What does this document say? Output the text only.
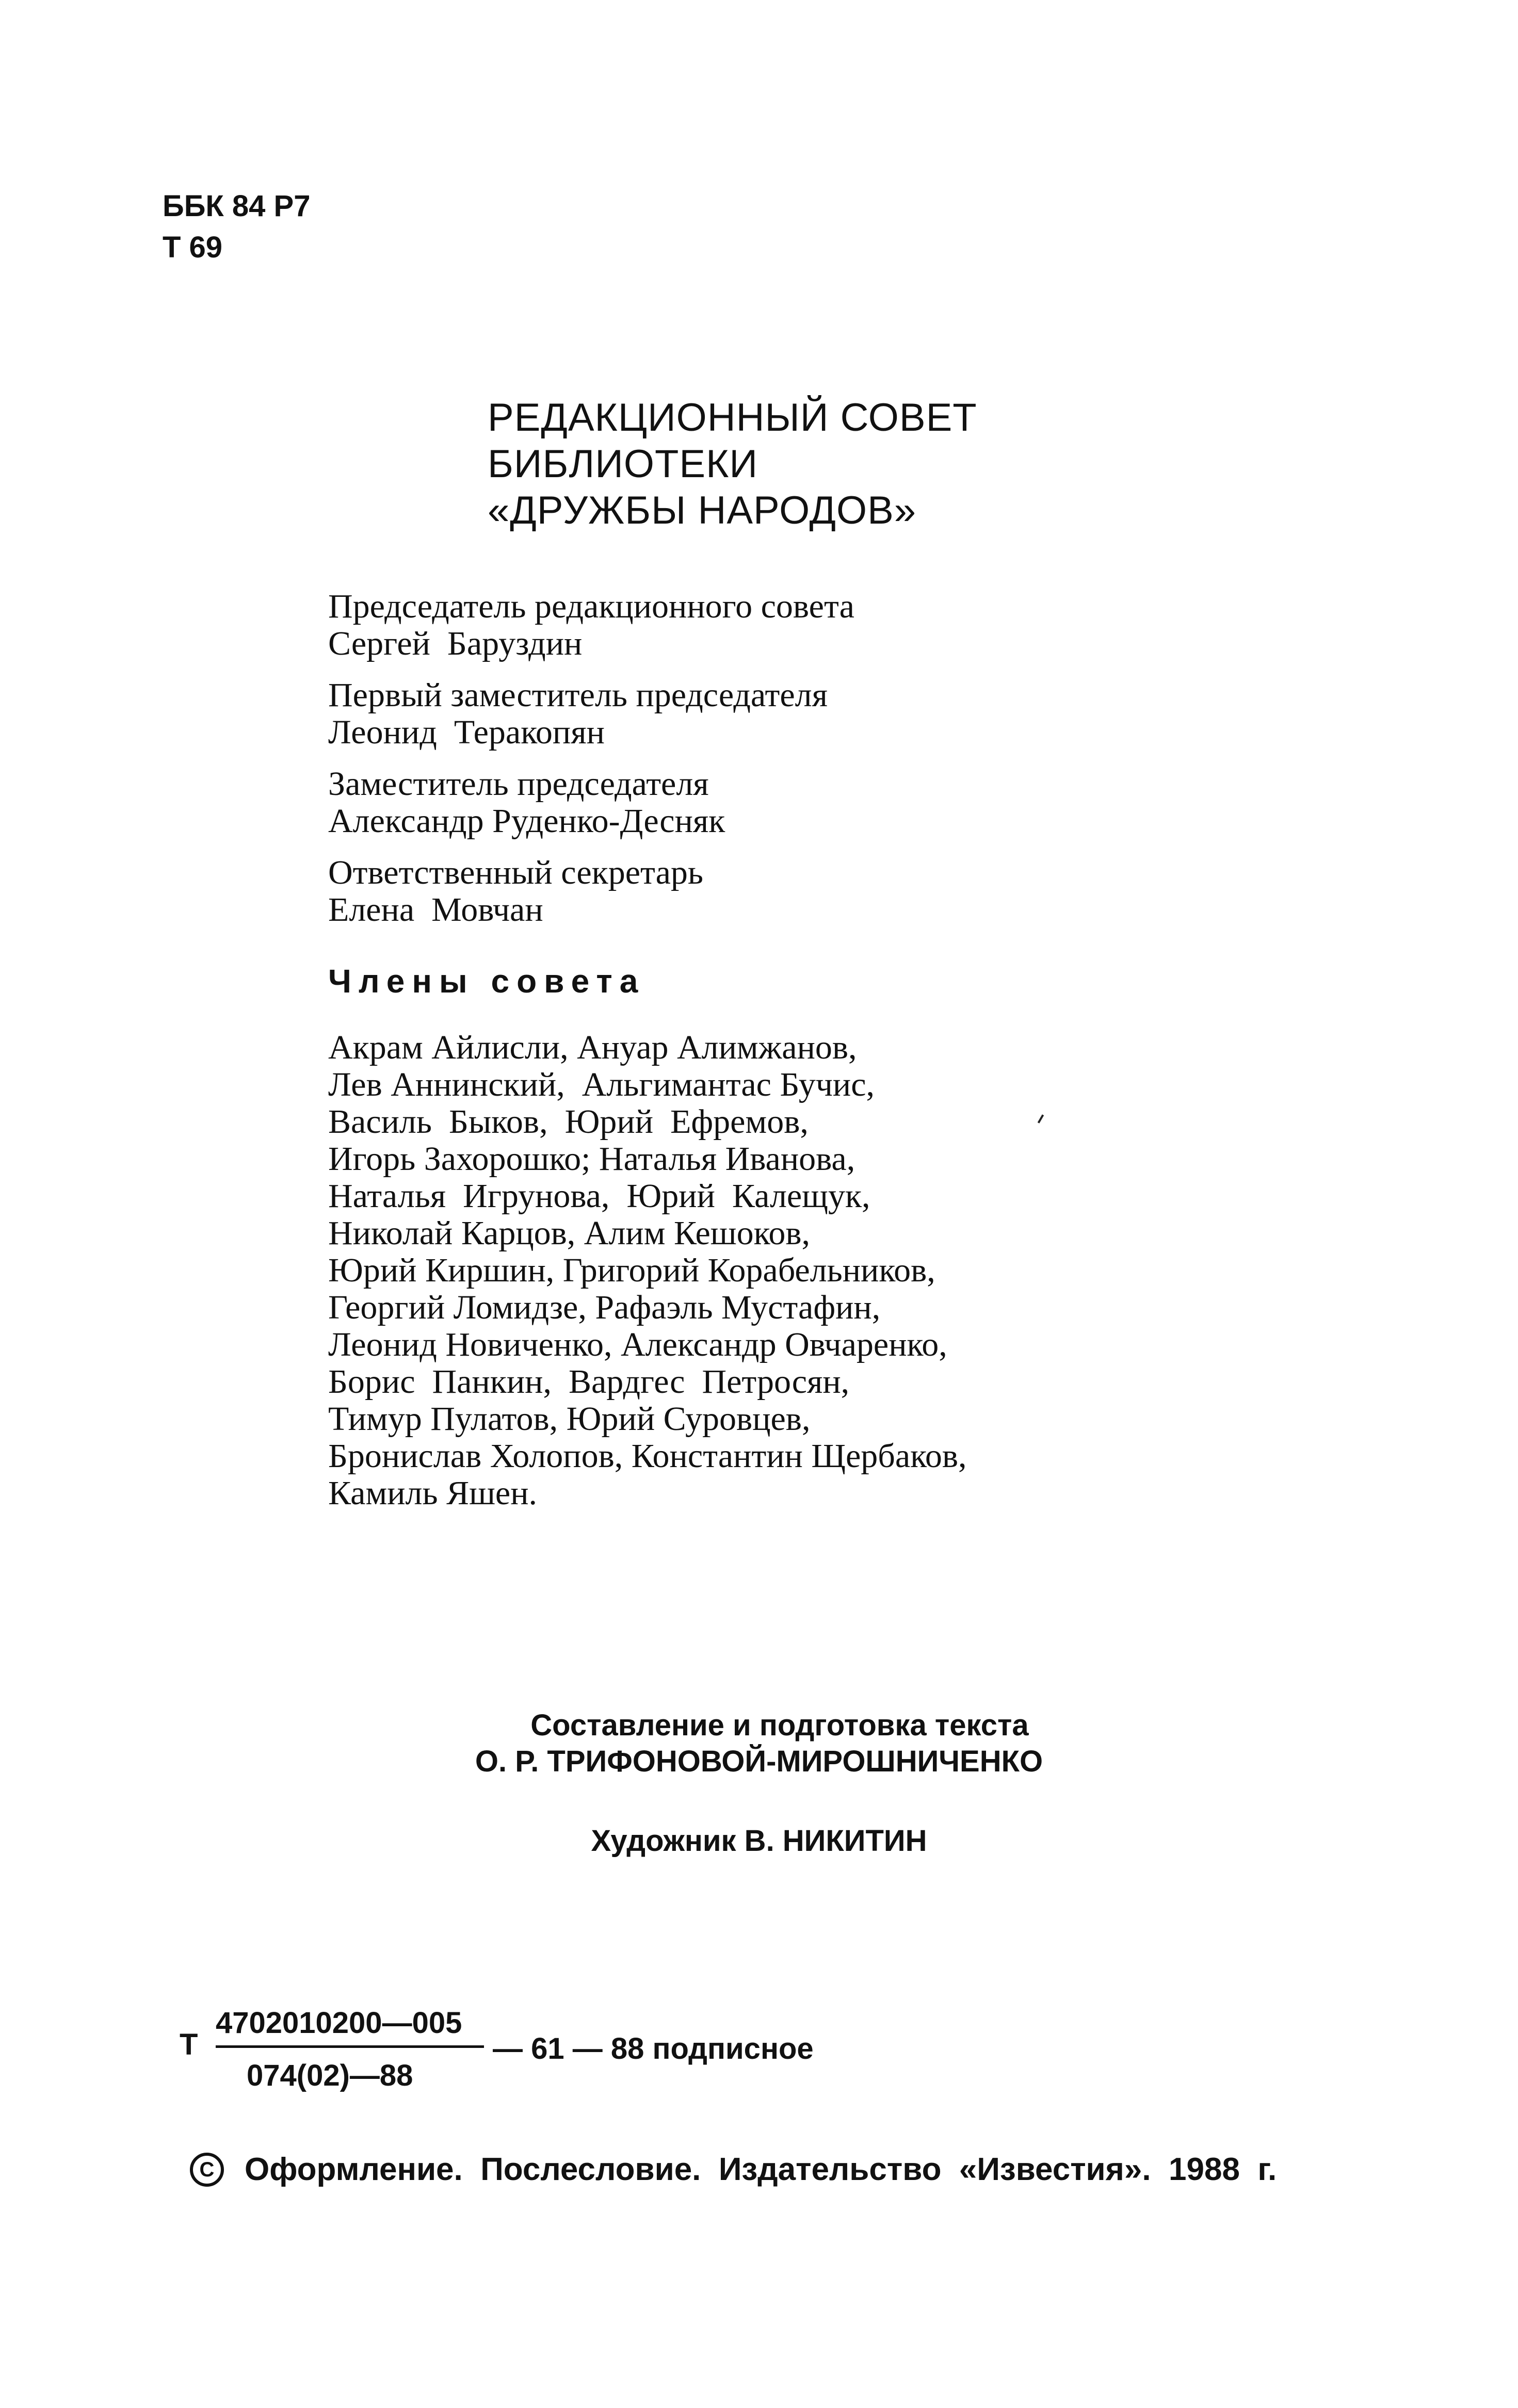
ББК 84 Р7
Т 69
РЕДАКЦИОННЫЙ СОВЕТ
БИБЛИОТЕКИ
«ДРУЖБЫ НАРОДОВ»
Председатель редакционного совета
Сергей  Баруздин
Первый заместитель председателя
Леонид  Теракопян
Заместитель председателя
Александр Руденко-Десняк
Ответственный секретарь
Елена  Мовчан
Члены совета
Акрам Айлисли, Ануар Алимжанов,
Лев Аннинский,  Альгимантас Бучис,
Василь  Быков,  Юрий  Ефремов,
Игорь Захорошко; Наталья Иванова,
Наталья  Игрунова,  Юрий  Калещук,
Николай Карцов, Алим Кешоков,
Юрий Киршин, Григорий Корабельников,
Георгий Ломидзе, Рафаэль Мустафин,
Леонид Новиченко, Александр Овчаренко,
Борис  Панкин,  Вардгес  Петросян,
Тимур Пулатов, Юрий Суровцев,
Бронислав Холопов, Константин Щербаков,
Камиль Яшен.
Составление и подготовка текста
О. Р. ТРИФОНОВОЙ-МИРОШНИЧЕНКО
Художник В. НИКИТИН
Т
4702010200—005
074(02)—88
— 61 — 88 подписное
C Оформление.  Послесловие.  Издательство  «Известия».  1988  г.
